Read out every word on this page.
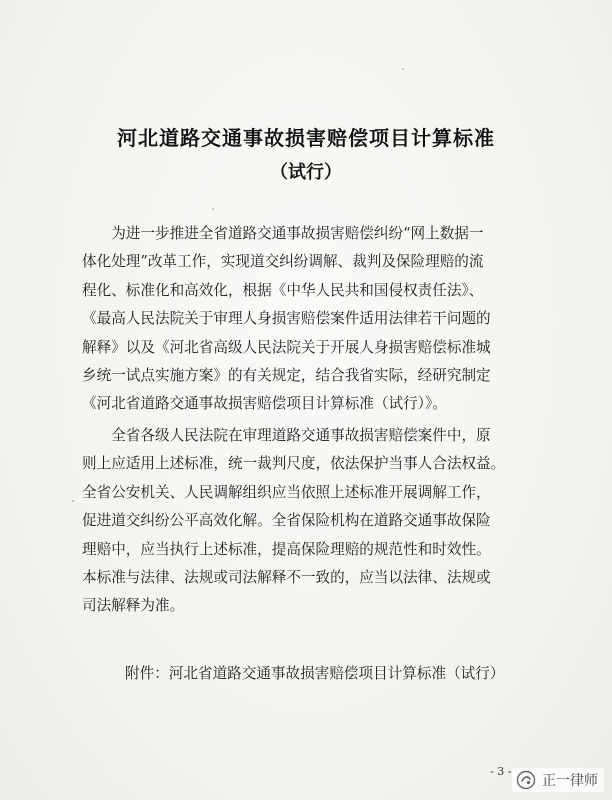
河北道路交通事故损害赔偿项目计算标准
（试行）
　　为进一步推进全省道路交通事故损害赔偿纠纷“网上数据一
体化处理”改革工作，实现道交纠纷调解、裁判及保险理赔的流
程化、标准化和高效化，根据《中华人民共和国侵权责任法》、
《最高人民法院关于审理人身损害赔偿案件适用法律若干问题的
解释》以及《河北省高级人民法院关于开展人身损害赔偿标准城
乡统一试点实施方案》的有关规定，结合我省实际，经研究制定
《河北省道路交通事故损害赔偿项目计算标准（试行）》。
　　全省各级人民法院在审理道路交通事故损害赔偿案件中，原
则上应适用上述标准，统一裁判尺度，依法保护当事人合法权益。
全省公安机关、人民调解组织应当依照上述标准开展调解工作，
促进道交纠纷公平高效化解。全省保险机构在道路交通事故保险
理赔中，应当执行上述标准，提高保险理赔的规范性和时效性。
本标准与法律、法规或司法解释不一致的，应当以法律、法规或
司法解释为准。
附件：河北省道路交通事故损害赔偿项目计算标准（试行）
- 3 -
正一律师
